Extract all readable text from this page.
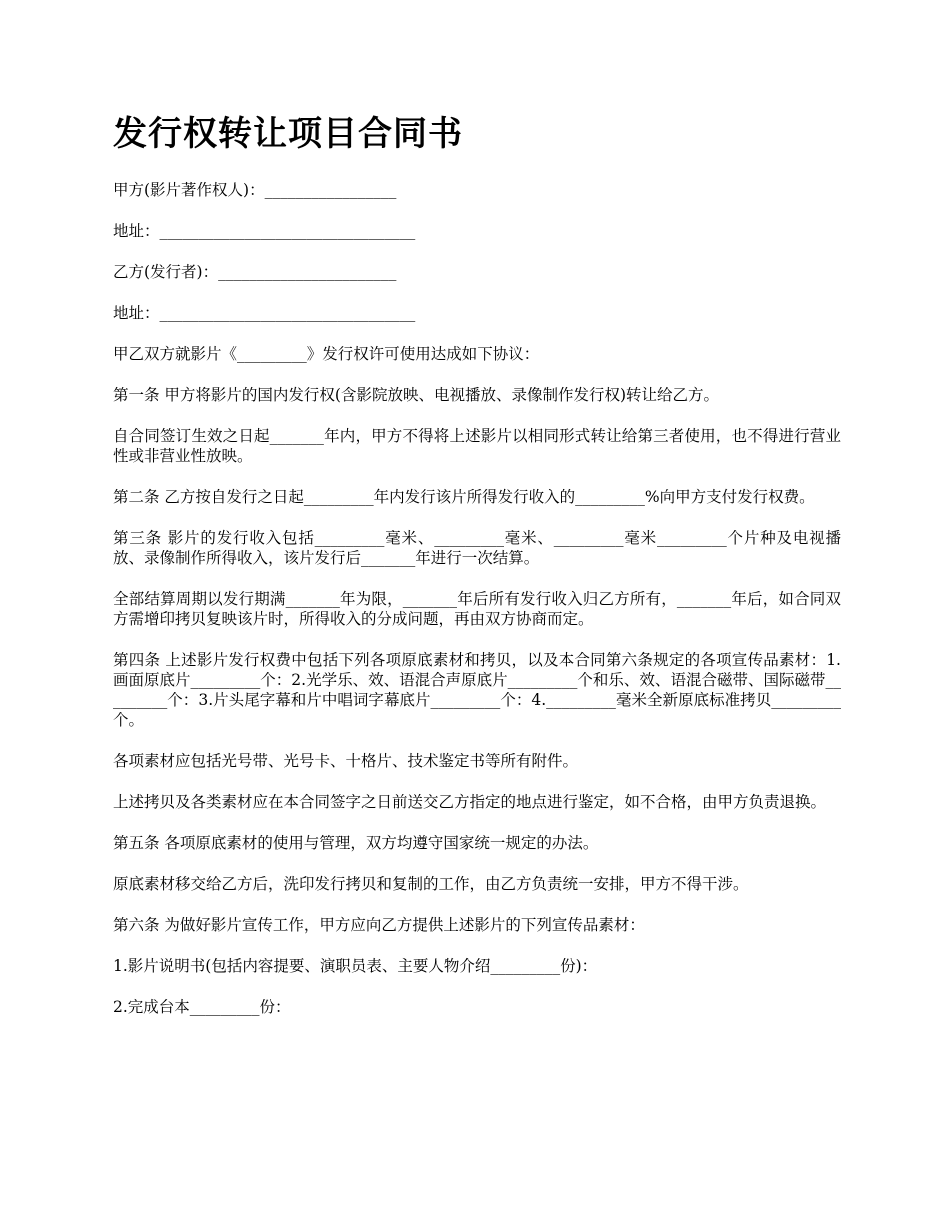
发行权转让项目合同书

甲方(影片著作权人)：_________________

地址：_________________________________

乙方(发行者)：_______________________

地址：_________________________________

甲乙双方就影片《_________》发行权许可使用达成如下协议：

第一条 甲方将影片的国内发行权(含影院放映、电视播放、录像制作发行权)转让给乙方。

自合同签订生效之日起_______年内，甲方不得将上述影片以相同形式转让给第三者使用，也不得进行营业性或非营业性放映。

第二条 乙方按自发行之日起_________年内发行该片所得发行收入的_________%向甲方支付发行权费。

第三条 影片的发行收入包括_________毫米、_________毫米、_________毫米_________个片种及电视播放、录像制作所得收入，该片发行后_______年进行一次结算。

全部结算周期以发行期满_______年为限，_______年后所有发行收入归乙方所有，_______年后，如合同双方需增印拷贝复映该片时，所得收入的分成问题，再由双方协商而定。

第四条 上述影片发行权费中包括下列各项原底素材和拷贝，以及本合同第六条规定的各项宣传品素材：1.画面原底片_________个：2.光学乐、效、语混合声原底片_________个和乐、效、语混合磁带、国际磁带_________个：3.片头尾字幕和片中唱词字幕底片_________个：4._________毫米全新原底标准拷贝_________个。

各项素材应包括光号带、光号卡、十格片、技术鉴定书等所有附件。

上述拷贝及各类素材应在本合同签字之日前送交乙方指定的地点进行鉴定，如不合格，由甲方负责退换。

第五条 各项原底素材的使用与管理，双方均遵守国家统一规定的办法。

原底素材移交给乙方后，洗印发行拷贝和复制的工作，由乙方负责统一安排，甲方不得干涉。

第六条 为做好影片宣传工作，甲方应向乙方提供上述影片的下列宣传品素材：

1.影片说明书(包括内容提要、演职员表、主要人物介绍_________份)：

2.完成台本_________份：
